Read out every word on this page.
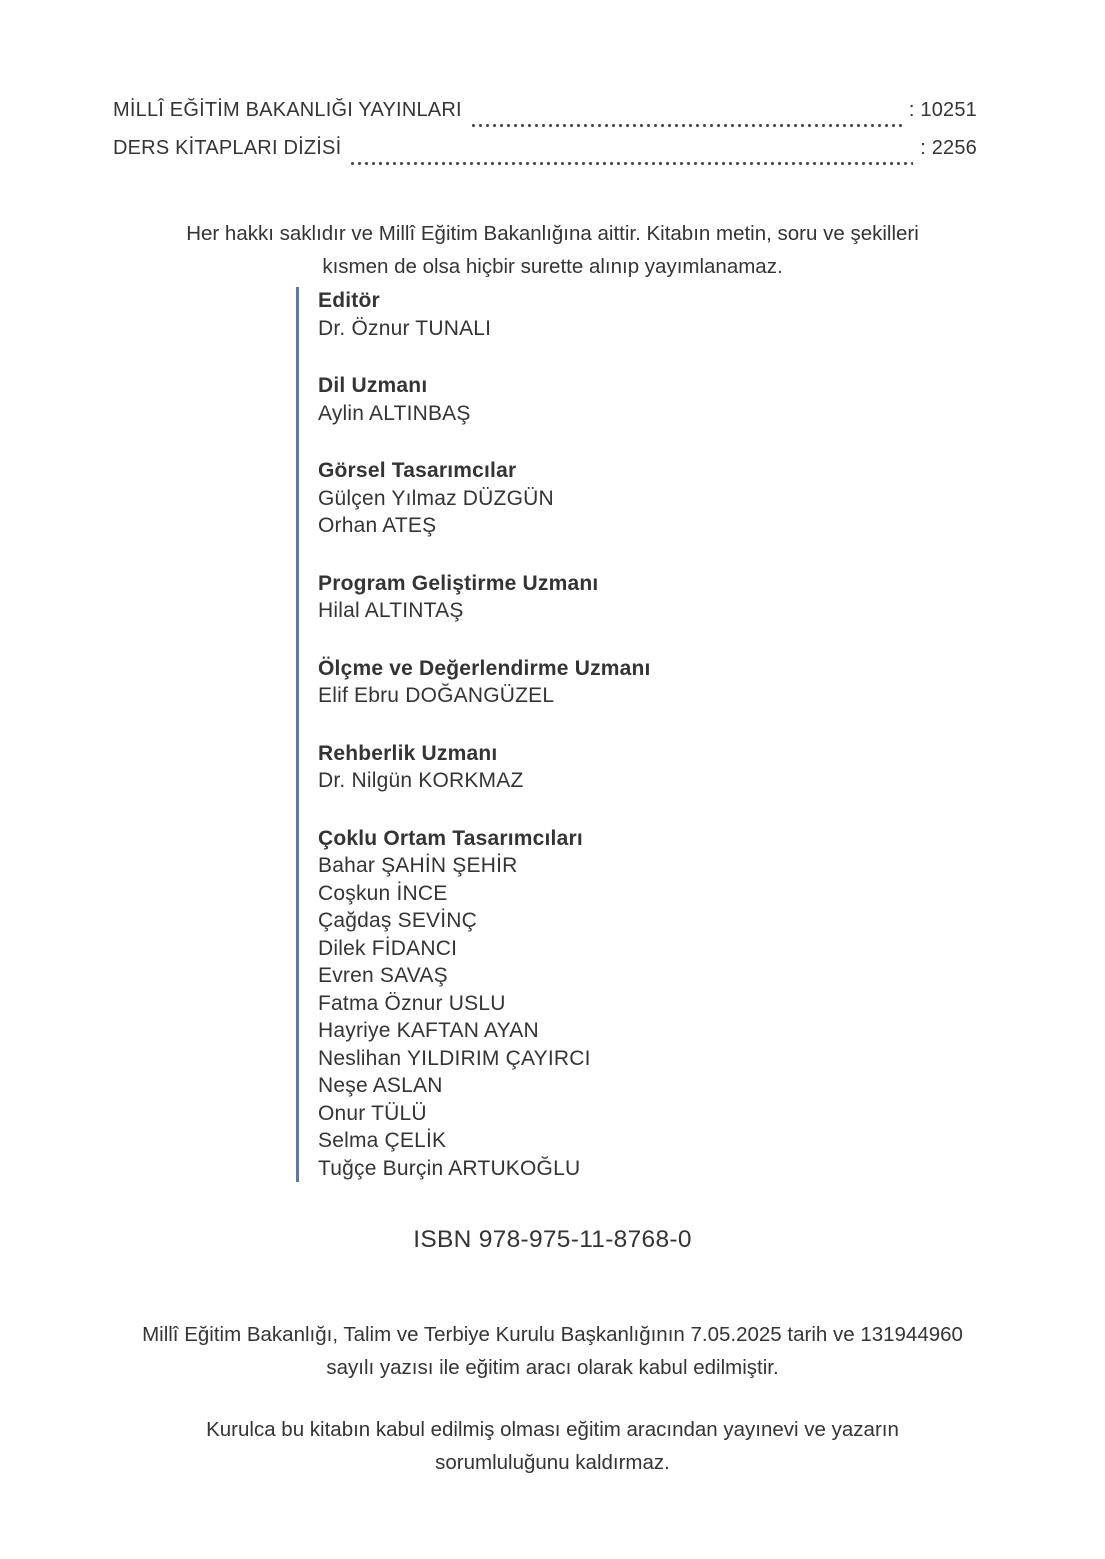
MİLLÎ EĞİTİM BAKANLIĞI YAYINLARI	: 10251
DERS KİTAPLARI DİZİSİ	: 2256

Her hakkı saklıdır ve Millî Eğitim Bakanlığına aittir. Kitabın metin, soru ve şekilleri kısmen de olsa hiçbir surette alınıp yayımlanamaz.

Editör
Dr. Öznur TUNALI
Dil Uzmanı
Aylin ALTINBAŞ
Görsel Tasarımcılar
Gülçen Yılmaz DÜZGÜN
Orhan ATEŞ
Program Geliştirme Uzmanı
Hilal ALTINTAŞ
Ölçme ve Değerlendirme Uzmanı
Elif Ebru DOĞANGÜZEL
Rehberlik Uzmanı
Dr. Nilgün KORKMAZ
Çoklu Ortam Tasarımcıları
Bahar ŞAHİN ŞEHİR
Coşkun İNCE
Çağdaş SEVİNÇ
Dilek FİDANCI
Evren SAVAŞ
Fatma Öznur USLU
Hayriye KAFTAN AYAN
Neslihan YILDIRIM ÇAYIRCI
Neşe ASLAN
Onur TÜLÜ
Selma ÇELİK
Tuğçe Burçin ARTUKOĞLU
ISBN 978-975-11-8768-0

Millî Eğitim Bakanlığı, Talim ve Terbiye Kurulu Başkanlığının 7.05.2025 tarih ve 131944960 sayılı yazısı ile eğitim aracı olarak kabul edilmiştir.

Kurulca bu kitabın kabul edilmiş olması eğitim aracından yayınevi ve yazarın sorumluluğunu kaldırmaz.
